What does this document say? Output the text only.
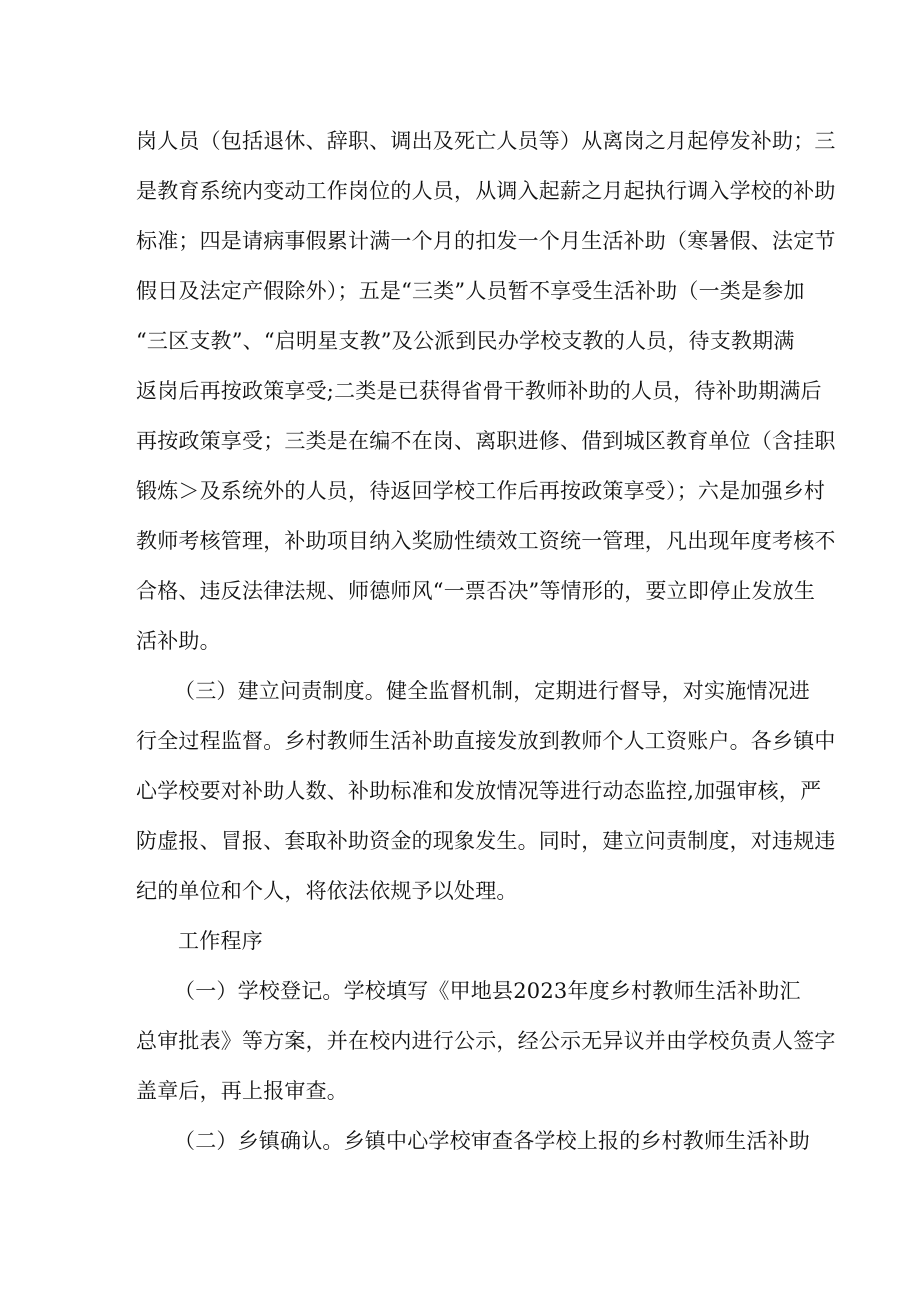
岗人员（包括退休、辞职、调出及死亡人员等）从离岗之月起停发补助；三
是教育系统内变动工作岗位的人员，从调入起薪之月起执行调入学校的补助
标准；四是请病事假累计满一个月的扣发一个月生活补助（寒暑假、法定节
假日及法定产假除外）；五是“三类”人员暂不享受生活补助（一类是参加
“三区支教”、“启明星支教”及公派到民办学校支教的人员，待支教期满
返岗后再按政策享受;二类是已获得省骨干教师补助的人员，待补助期满后
再按政策享受；三类是在编不在岗、离职进修、借到城区教育单位（含挂职
锻炼＞及系统外的人员，待返回学校工作后再按政策享受）；六是加强乡村
教师考核管理，补助项目纳入奖励性绩效工资统一管理，凡出现年度考核不
合格、违反法律法规、师德师风“一票否决”等情形的，要立即停止发放生
活补助。
（三）建立问责制度。健全监督机制，定期进行督导，对实施情况进
行全过程监督。乡村教师生活补助直接发放到教师个人工资账户。各乡镇中
心学校要对补助人数、补助标准和发放情况等进行动态监控,加强审核，严
防虚报、冒报、套取补助资金的现象发生。同时，建立问责制度，对违规违
纪的单位和个人，将依法依规予以处理。
工作程序
（一）学校登记。学校填写《甲地县2023年度乡村教师生活补助汇
总审批表》等方案，并在校内进行公示，经公示无异议并由学校负责人签字
盖章后，再上报审查。
（二）乡镇确认。乡镇中心学校审查各学校上报的乡村教师生活补助
